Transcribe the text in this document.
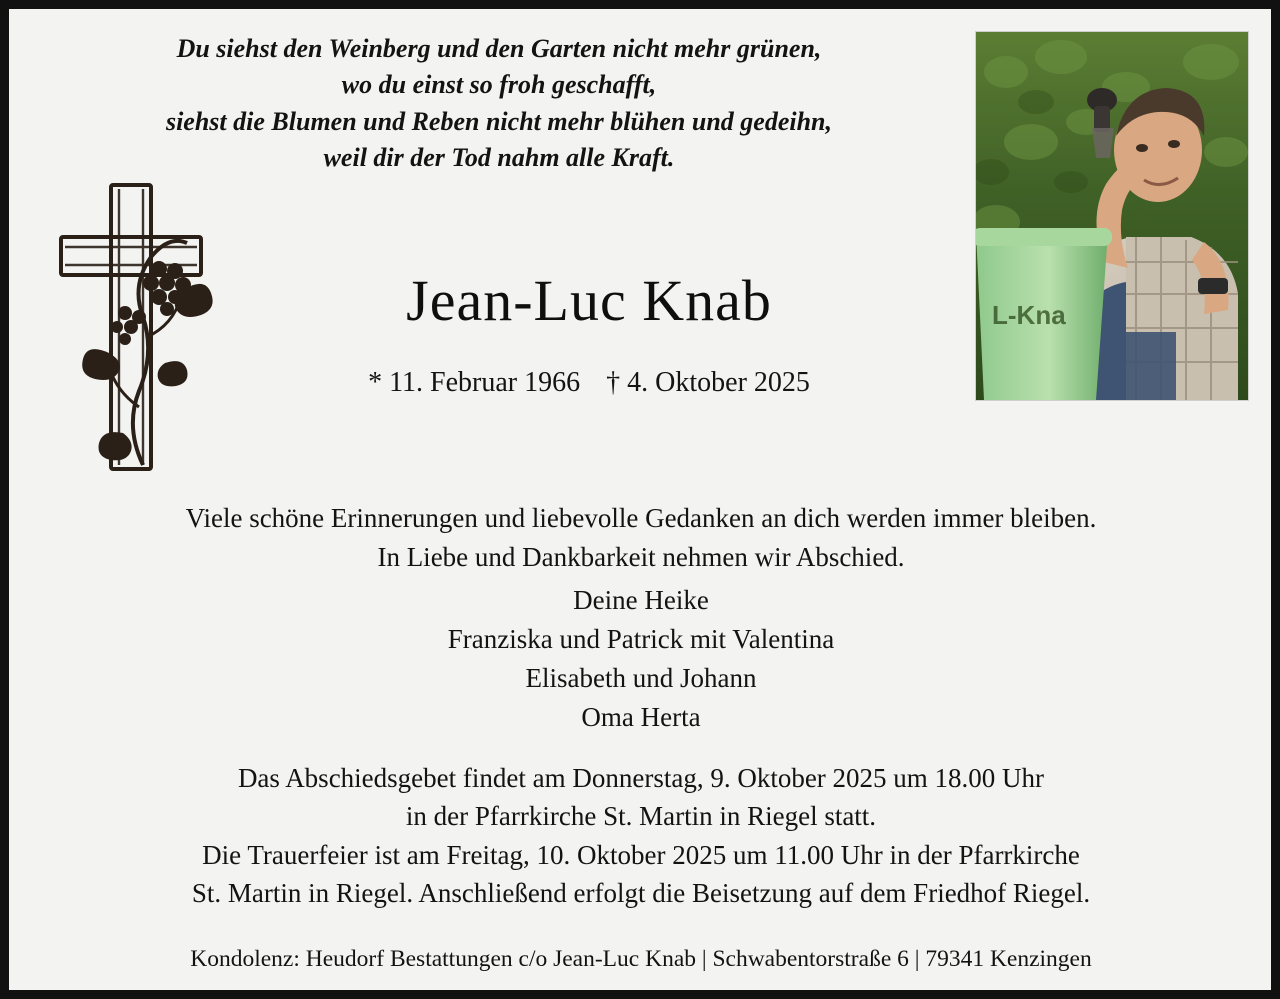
Du siehst den Weinberg und den Garten nicht mehr grünen,
wo du einst so froh geschafft,
siehst die Blumen und Reben nicht mehr blühen und gedeihn,
weil dir der Tod nahm alle Kraft.
L-Kna
Jean-Luc Knab
* 11. Februar 1966 † 4. Oktober 2025
Viele schöne Erinnerungen und liebevolle Gedanken an dich werden immer bleiben.
In Liebe und Dankbarkeit nehmen wir Abschied.
Deine Heike
Franziska und Patrick mit Valentina
Elisabeth und Johann
Oma Herta
Das Abschiedsgebet findet am Donnerstag, 9. Oktober 2025 um 18.00 Uhr
in der Pfarrkirche St. Martin in Riegel statt.
Die Trauerfeier ist am Freitag, 10. Oktober 2025 um 11.00 Uhr in der Pfarrkirche
St. Martin in Riegel. Anschließend erfolgt die Beisetzung auf dem Friedhof Riegel.
Kondolenz: Heudorf Bestattungen c/o Jean-Luc Knab | Schwabentorstraße 6 | 79341 Kenzingen
